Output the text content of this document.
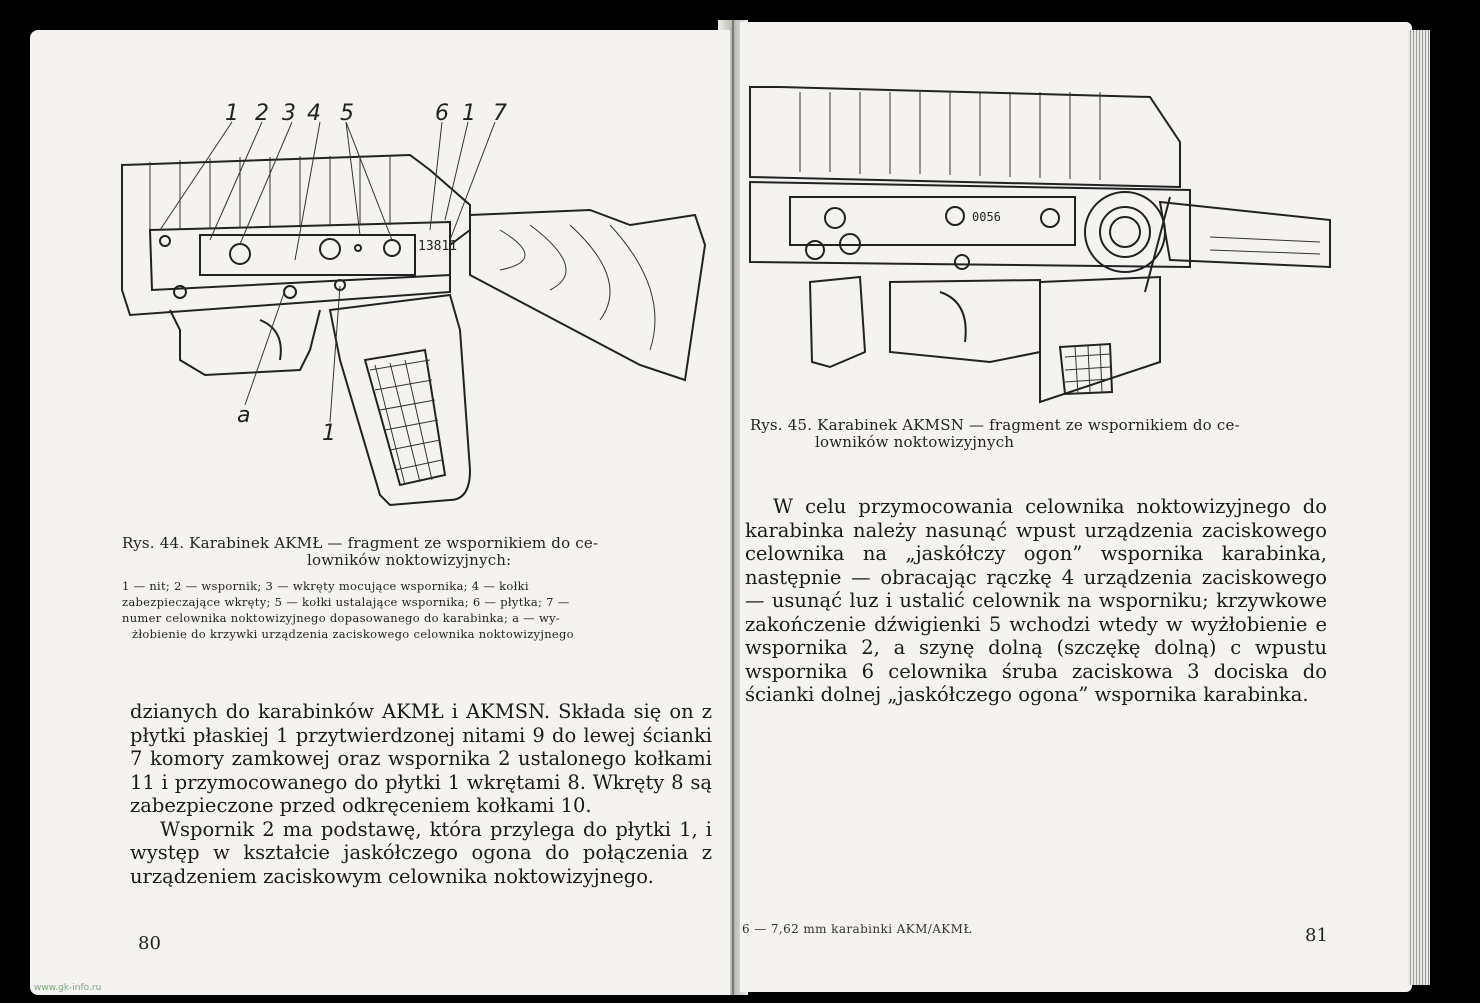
13811
1 2 3 4 5	6 1 7
a
1
Rys. 44. Karabinek AKMŁ — fragment ze wspornikiem do ce-
lowników noktowizyjnych:
1 — nit; 2 — wspornik; 3 — wkręty mocujące wspornika; 4 — kołki
zabezpieczające wkręty; 5 — kołki ustalające wspornika; 6 — płytka; 7 —
numer celownika noktowizyjnego dopasowanego do karabinka; a — wy-
żłobienie do krzywki urządzenia zaciskowego celownika noktowizyjnego

dzianych do karabinków AKMŁ i AKMSN. Składa się on z płytki płaskiej 1 przytwierdzonej nitami 9 do lewej ścianki 7 komory zamkowej oraz wspornika 2 ustalonego kołkami 11 i przymocowanego do płytki 1 wkrętami 8. Wkręty 8 są zabezpieczone przed odkręceniem kołkami 10.

Wspornik 2 ma podstawę, która przylega do płytki 1, i występ w kształcie jaskółczego ogona do połączenia z urządzeniem zaciskowym celownika noktowizyjnego.

80
www.gk-info.ru
0056
Rys. 45. Karabinek AKMSN — fragment ze wspornikiem do ce-
lowników noktowizyjnych

W celu przymocowania celownika noktowizyjnego do karabinka należy nasunąć wpust urządzenia zaciskowego celownika na „jaskółczy ogon” wspornika karabinka, następnie — obracając rączkę 4 urządzenia zaciskowego — usunąć luz i ustalić celownik na wsporniku; krzywkowe zakończenie dźwigienki 5 wchodzi wtedy w wyżłobienie e wspornika 2, a szynę dolną (szczękę dolną) c wpustu wspornika 6 celownika śruba zaciskowa 3 dociska do ścianki dolnej „jaskółczego ogona” wspornika karabinka.

6 — 7,62 mm karabinki AKM/AKMŁ	81
